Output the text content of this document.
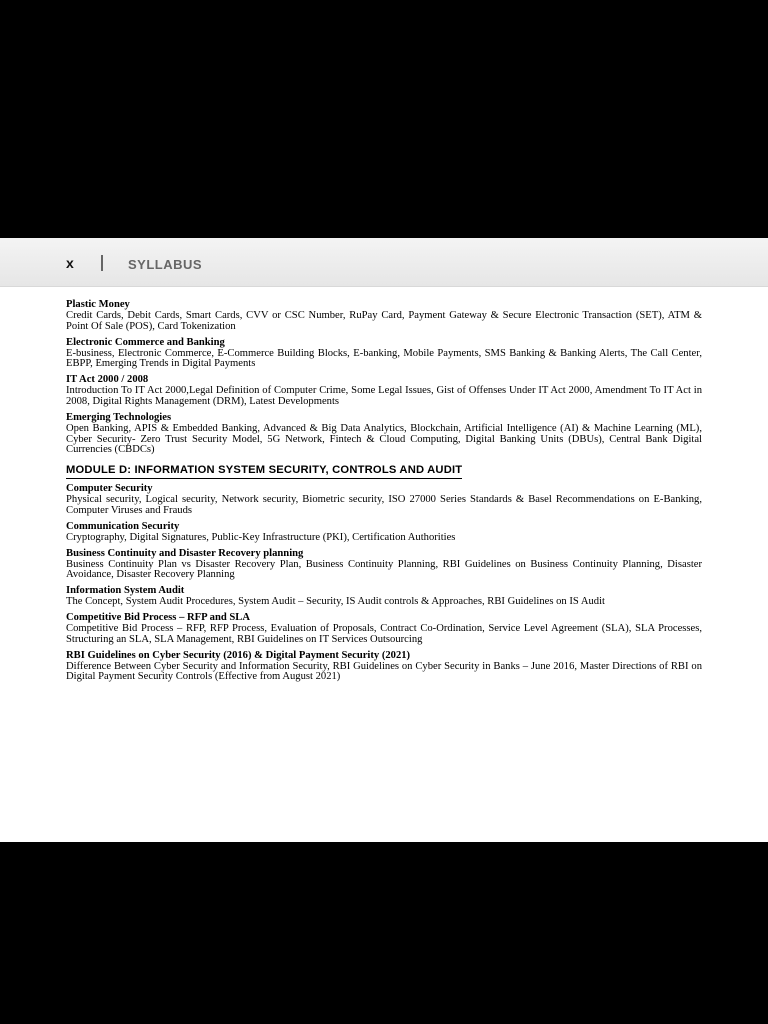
x	SYLLABUS

Plastic Money

Credit Cards, Debit Cards, Smart Cards, CVV or CSC Number, RuPay Card, Payment Gateway & Secure Electronic Transaction (SET), ATM & Point Of Sale (POS), Card Tokenization

Electronic Commerce and Banking

E-business, Electronic Commerce, E-Commerce Building Blocks, E-banking, Mobile Payments, SMS Banking & Banking Alerts, The Call Center, EBPP, Emerging Trends in Digital Payments

IT Act 2000 / 2008

Introduction To IT Act 2000,Legal Definition of Computer Crime, Some Legal Issues, Gist of Offenses Under IT Act 2000, Amendment To IT Act in 2008, Digital Rights Management (DRM), Latest Developments

Emerging Technologies

Open Banking, APIS & Embedded Banking, Advanced & Big Data Analytics, Blockchain, Artificial Intelligence (AI) & Machine Learning (ML), Cyber Security- Zero Trust Security Model, 5G Network, Fintech & Cloud Computing, Digital Banking Units (DBUs), Central Bank Digital Currencies (CBDCs)

MODULE D: INFORMATION SYSTEM SECURITY, CONTROLS AND AUDIT

Computer Security

Physical security, Logical security, Network security, Biometric security, ISO 27000 Series Standards & Basel Recommendations on E-Banking, Computer Viruses and Frauds

Communication Security

Cryptography, Digital Signatures, Public-Key Infrastructure (PKI), Certification Authorities

Business Continuity and Disaster Recovery planning

Business Continuity Plan vs Disaster Recovery Plan, Business Continuity Planning, RBI Guidelines on Business Continuity Planning, Disaster Avoidance, Disaster Recovery Planning

Information System Audit

The Concept, System Audit Procedures, System Audit – Security, IS Audit controls & Approaches, RBI Guidelines on IS Audit

Competitive Bid Process – RFP and SLA

Competitive Bid Process – RFP, RFP Process, Evaluation of Proposals, Contract Co-Ordination, Service Level Agreement (SLA), SLA Processes, Structuring an SLA, SLA Management, RBI Guidelines on IT Services Outsourcing

RBI Guidelines on Cyber Security (2016) & Digital Payment Security (2021)

Difference Between Cyber Security and Information Security, RBI Guidelines on Cyber Security in Banks – June 2016, Master Directions of RBI on Digital Payment Security Controls (Effective from August 2021)
